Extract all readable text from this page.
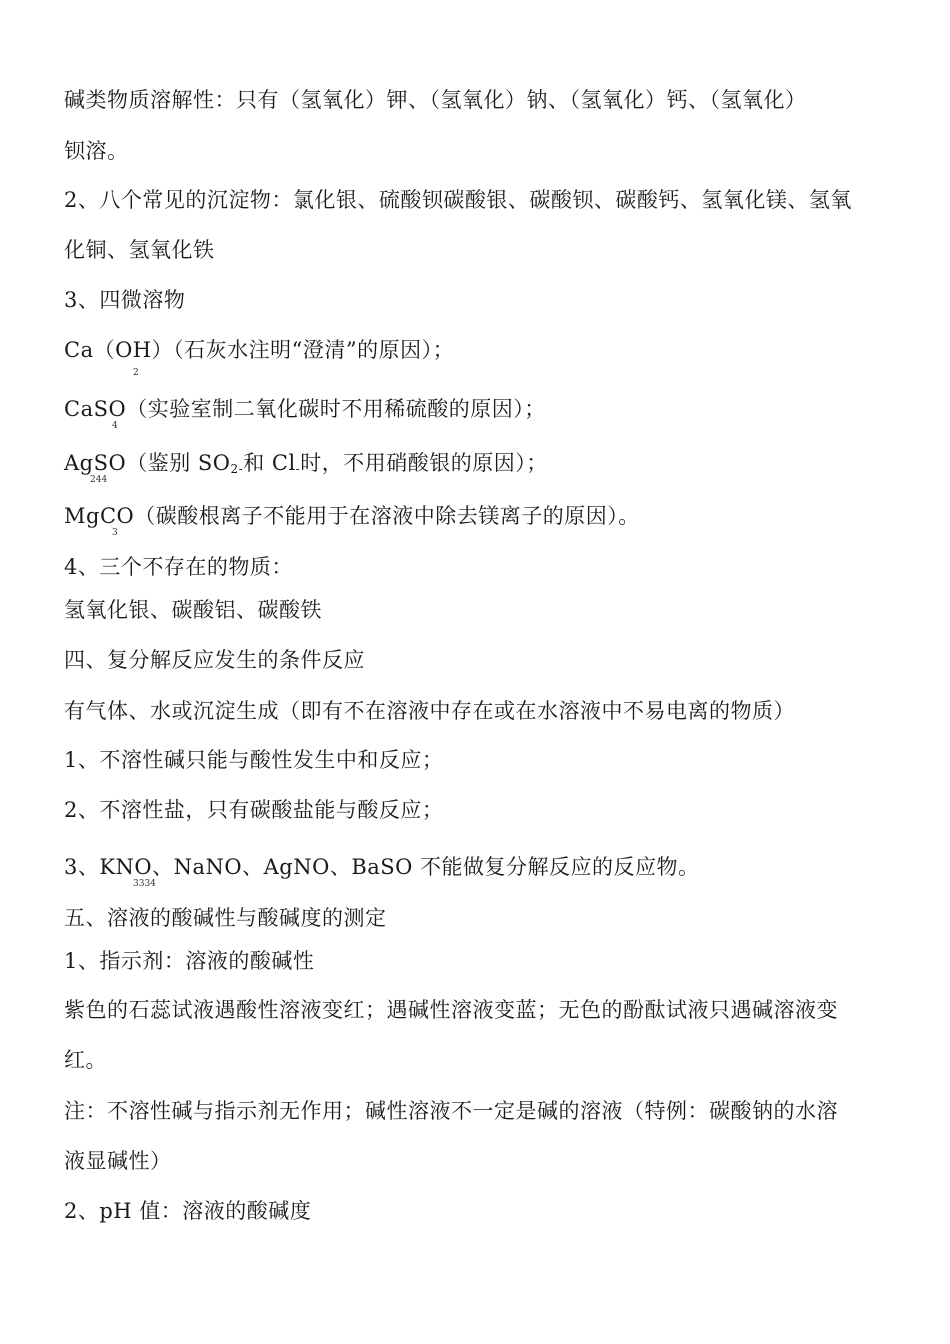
碱类物质溶解性：只有（氢氧化）钾、（氢氧化）钠、（氢氧化）钙、（氢氧化）
钡溶。
2、八个常见的沉淀物：氯化银、硫酸钡碳酸银、碳酸钡、碳酸钙、氢氧化镁、氢氧
化铜、氢氧化铁
3、四微溶物
Ca（OH）（石灰水注明“澄清”的原因）；
2
CaSO（实验室制二氧化碳时不用稀硫酸的原因）；
4
AgSO（鉴别 SO2-和 Cl-时，不用硝酸银的原因）；
244
MgCO（碳酸根离子不能用于在溶液中除去镁离子的原因）。
3
4、三个不存在的物质：
氢氧化银、碳酸铝、碳酸铁
四、复分解反应发生的条件反应
有气体、水或沉淀生成（即有不在溶液中存在或在水溶液中不易电离的物质）
1、不溶性碱只能与酸性发生中和反应；
2、不溶性盐，只有碳酸盐能与酸反应；
3、KNO、NaNO、AgNO、BaSO 不能做复分解反应的反应物。
3334
五、溶液的酸碱性与酸碱度的测定
1、指示剂：溶液的酸碱性
紫色的石蕊试液遇酸性溶液变红；遇碱性溶液变蓝；无色的酚酞试液只遇碱溶液变
红。
注：不溶性碱与指示剂无作用；碱性溶液不一定是碱的溶液（特例：碳酸钠的水溶
液显碱性）
2、pH 值：溶液的酸碱度
